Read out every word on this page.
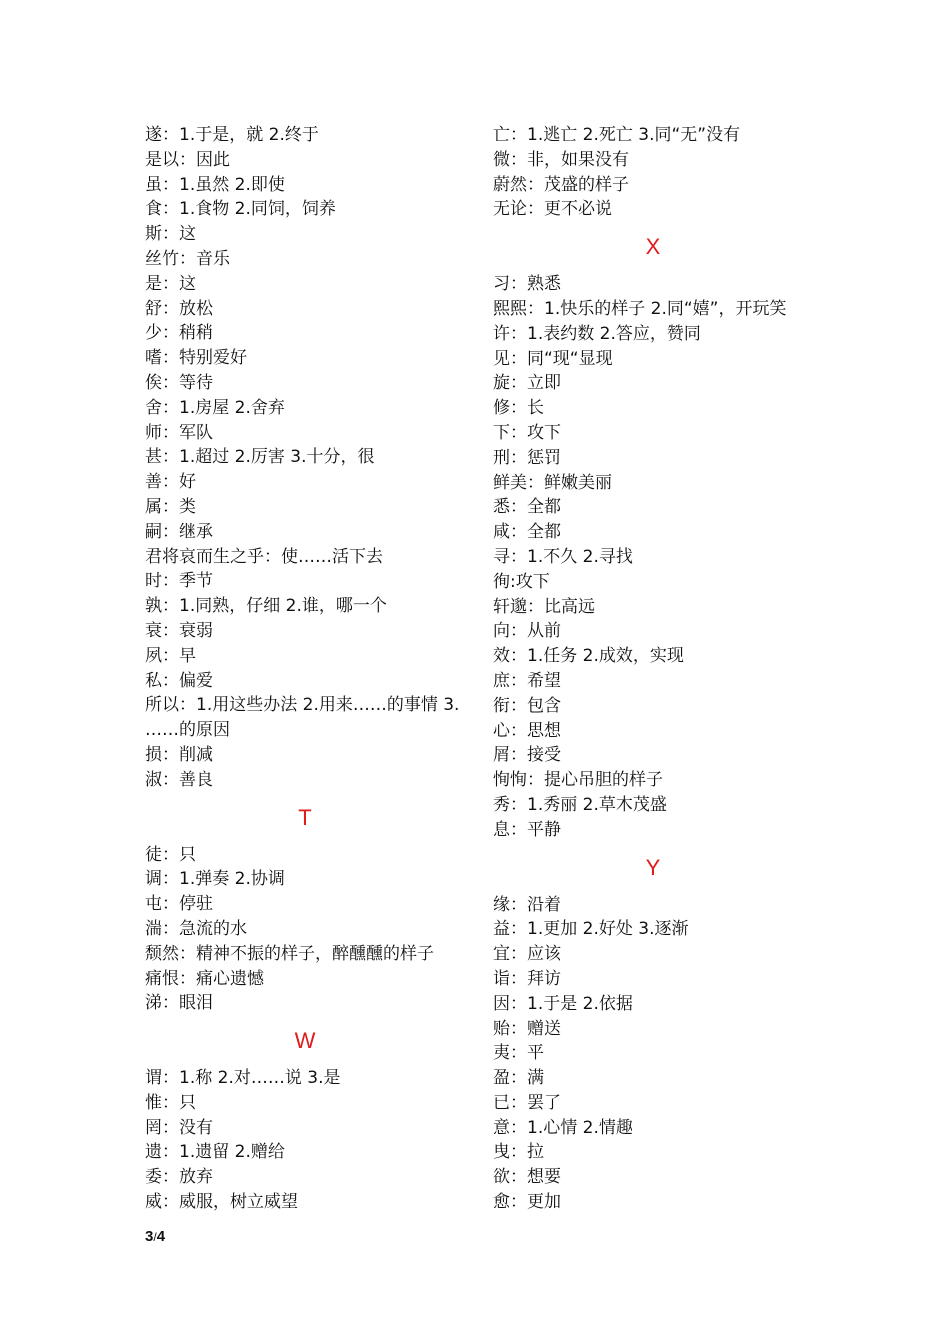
遂：1.于是，就 2.终于
是以：因此
虽：1.虽然 2.即使
食：1.食物 2.同饲，饲养
斯：这
丝竹：音乐
是：这
舒：放松
少：稍稍
嗜：特别爱好
俟：等待
舍：1.房屋 2.舍弃
师：军队
甚：1.超过 2.厉害 3.十分，很
善：好
属：类
嗣：继承
君将哀而生之乎：使……活下去
时：季节
孰：1.同熟，仔细 2.谁，哪一个
衰：衰弱
夙：早
私：偏爱
所以：1.用这些办法 2.用来……的事情 3. ……的原因
损：削减
淑：善良
T
徒：只
调：1.弹奏 2.协调
屯：停驻
湍：急流的水
颓然：精神不振的样子，醉醺醺的样子
痛恨：痛心遗憾
涕：眼泪
W
谓：1.称 2.对……说 3.是
惟：只
罔：没有
遗：1.遗留 2.赠给
委：放弃
威：威服，树立威望
亡：1.逃亡 2.死亡 3.同“无”没有
微：非，如果没有
蔚然：茂盛的样子
无论：更不必说
X
习：熟悉
熙熙：1.快乐的样子 2.同“嬉”，开玩笑
许：1.表约数 2.答应，赞同
见：同“现“显现
旋：立即
修：长
下：攻下
刑：惩罚
鲜美：鲜嫩美丽
悉：全都
咸：全都
寻：1.不久 2.寻找
徇:攻下
轩邈：比高远
向：从前
效：1.任务 2.成效，实现
庶：希望
衔：包含
心：思想
屑：接受
恂恂：提心吊胆的样子
秀：1.秀丽 2.草木茂盛
息：平静
Y
缘：沿着
益：1.更加 2.好处 3.逐渐
宜：应该
诣：拜访
因：1.于是 2.依据
贻：赠送
夷：平
盈：满
已：罢了
意：1.心情 2.情趣
曳：拉
欲：想要
愈：更加
3/4
